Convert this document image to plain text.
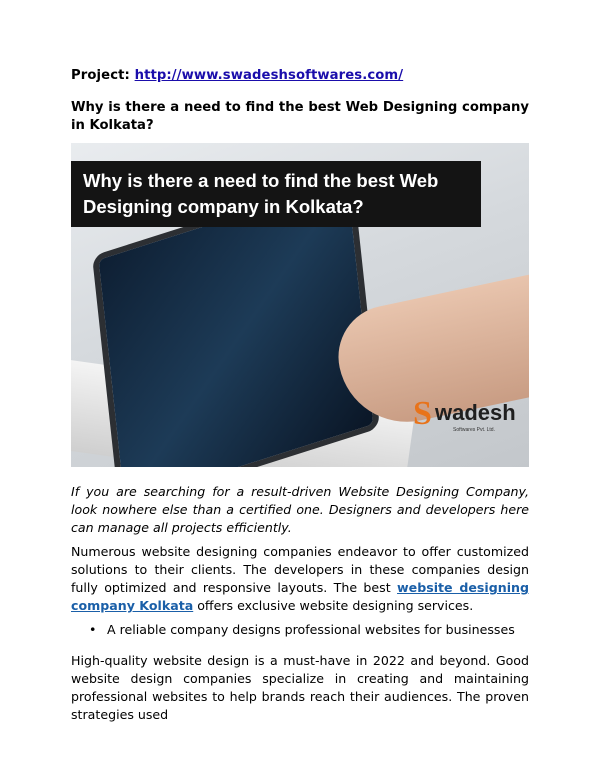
Project: http://www.swadeshsoftwares.com/
Why is there a need to find the best Web Designing company in Kolkata?
Why is there a need to find the best Web
Designing company in Kolkata?
S wadesh
Softwares Pvt. Ltd.

If you are searching for a result-driven Website Designing Company, look nowhere else than a certified one. Designers and developers here can manage all projects efficiently.

Numerous website designing companies endeavor to offer customized solutions to their clients. The developers in these companies design fully optimized and responsive layouts. The best website designing company Kolkata offers exclusive website designing services.

• A reliable company designs professional websites for businesses

High-quality website design is a must-have in 2022 and beyond. Good website design companies specialize in creating and maintaining professional websites to help brands reach their audiences. The proven strategies used
